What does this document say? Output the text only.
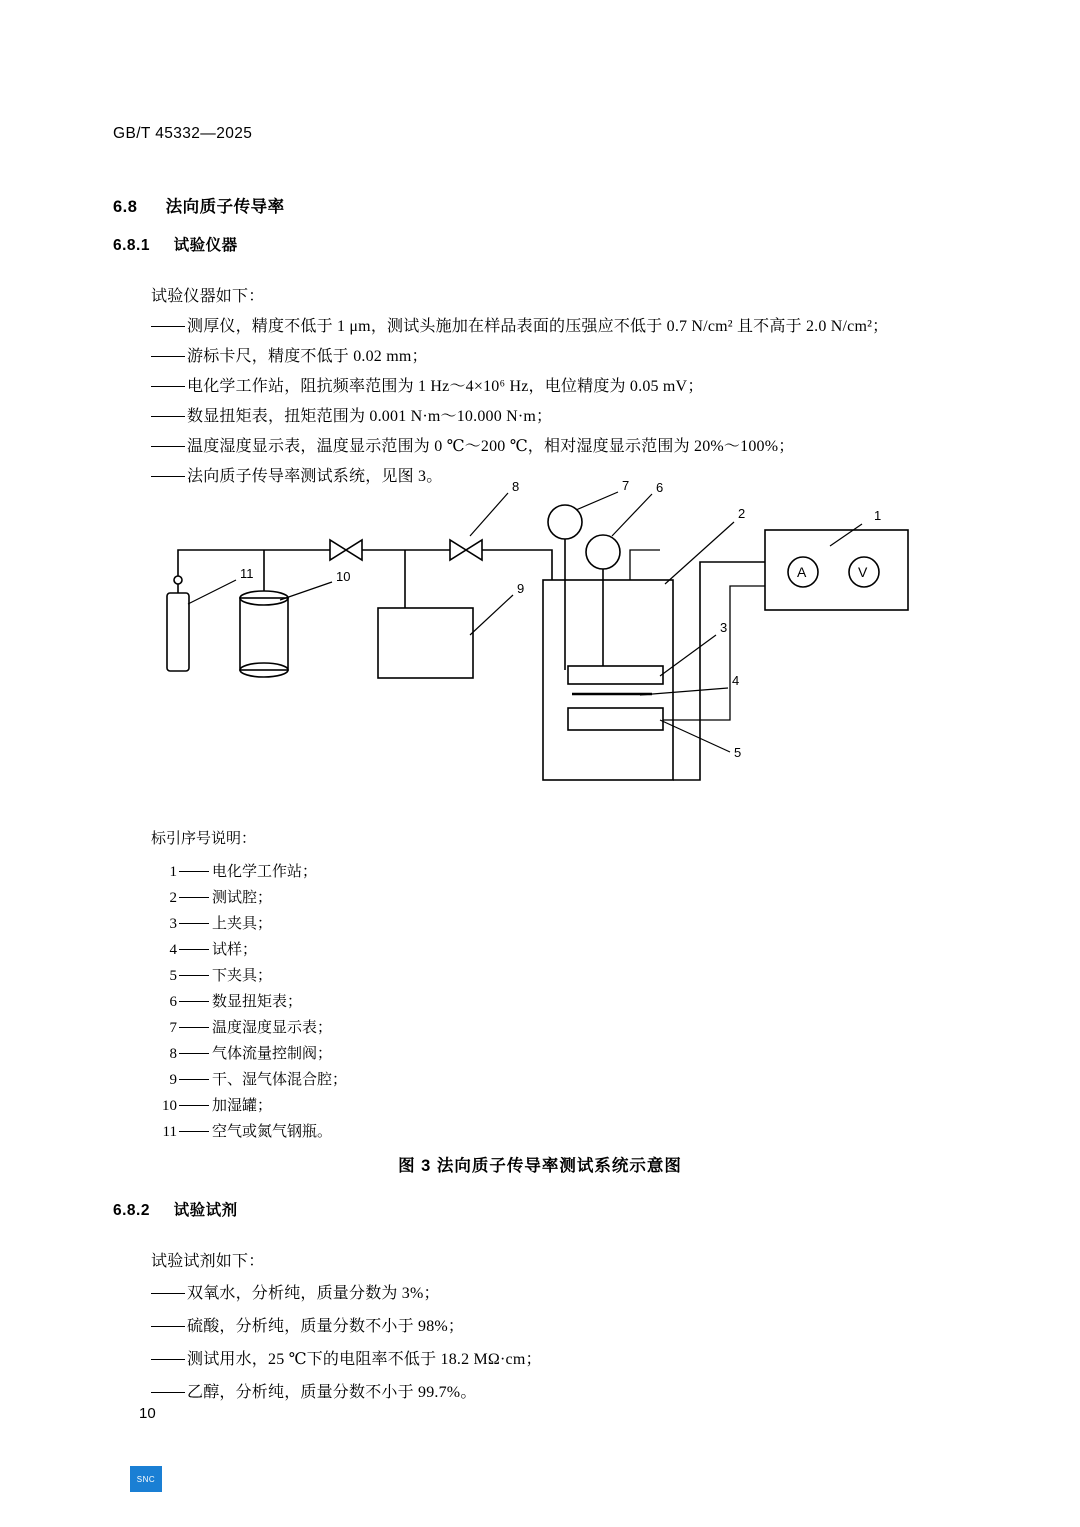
GB/T 45332—2025
6.8 法向质子传导率
6.8.1 试验仪器
试验仪器如下：
测厚仪，精度不低于 1 μm，测试头施加在样品表面的压强应不低于 0.7 N/cm² 且不高于 2.0 N/cm²；
游标卡尺，精度不低于 0.02 mm；
电化学工作站，阻抗频率范围为 1 Hz～4×10⁶ Hz，电位精度为 0.05 mV；
数显扭矩表，扭矩范围为 0.001 N·m～10.000 N·m；
温度湿度显示表，温度显示范围为 0 ℃～200 ℃，相对湿度显示范围为 20%～100%；
法向质子传导率测试系统，见图 3。
1
2
3
4
5
6
7
8
9
10
11	A	V
标引序号说明：
1 电化学工作站；
2 测试腔；
3 上夹具；
4 试样；
5 下夹具；
6 数显扭矩表；
7 温度湿度显示表；
8 气体流量控制阀；
9 干、湿气体混合腔；
10 加湿罐；
11 空气或氮气钢瓶。
图 3 法向质子传导率测试系统示意图
6.8.2 试验试剂
试验试剂如下：
双氧水，分析纯，质量分数为 3%；
硫酸，分析纯，质量分数不小于 98%；
测试用水，25 ℃下的电阻率不低于 18.2 MΩ·cm；
乙醇，分析纯，质量分数不小于 99.7%。
10
SNC
